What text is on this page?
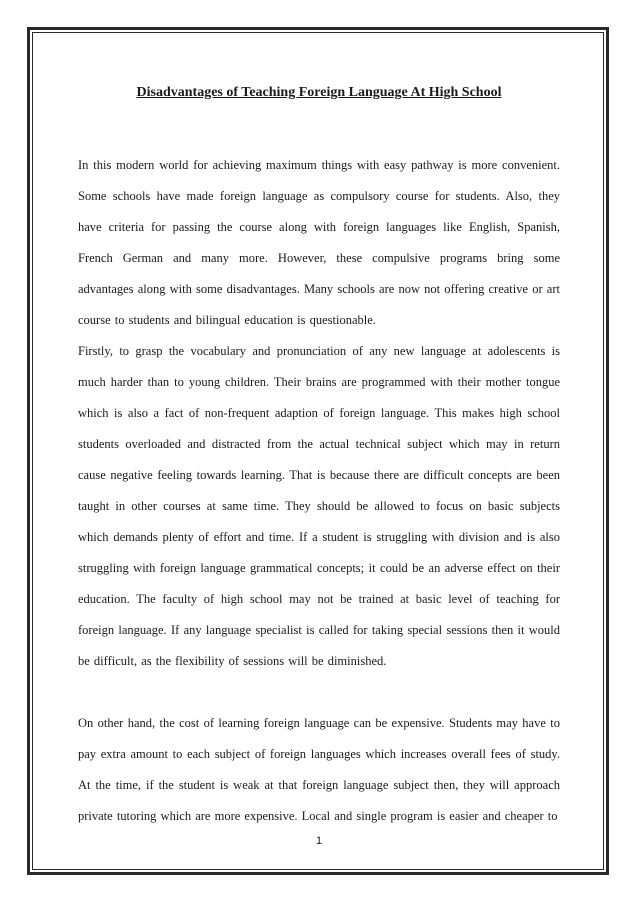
Disadvantages of Teaching Foreign Language At High School

In this modern world for achieving maximum things with easy pathway is more convenient. Some schools have made foreign language as compulsory course for students. Also, they have criteria for passing the course along with foreign languages like English, Spanish, French German and many more. However, these compulsive programs bring some advantages along with some disadvantages. Many schools are now not offering creative or art course to students and bilingual education is questionable.

Firstly, to grasp the vocabulary and pronunciation of any new language at adolescents is much harder than to young children. Their brains are programmed with their mother tongue which is also a fact of non-frequent adaption of foreign language. This makes high school students overloaded and distracted from the actual technical subject which may in return cause negative feeling towards learning. That is because there are difficult concepts are been taught in other courses at same time. They should be allowed to focus on basic subjects which demands plenty of effort and time. If a student is struggling with division and is also struggling with foreign language grammatical concepts; it could be an adverse effect on their education. The faculty of high school may not be trained at basic level of teaching for foreign language. If any language specialist is called for taking special sessions then it would be difficult, as the flexibility of sessions will be diminished.

On other hand, the cost of learning foreign language can be expensive. Students may have to pay extra amount to each subject of foreign languages which increases overall fees of study. At the time, if the student is weak at that foreign language subject then, they will approach private tutoring which are more expensive. Local and single program is easier and cheaper to

1
